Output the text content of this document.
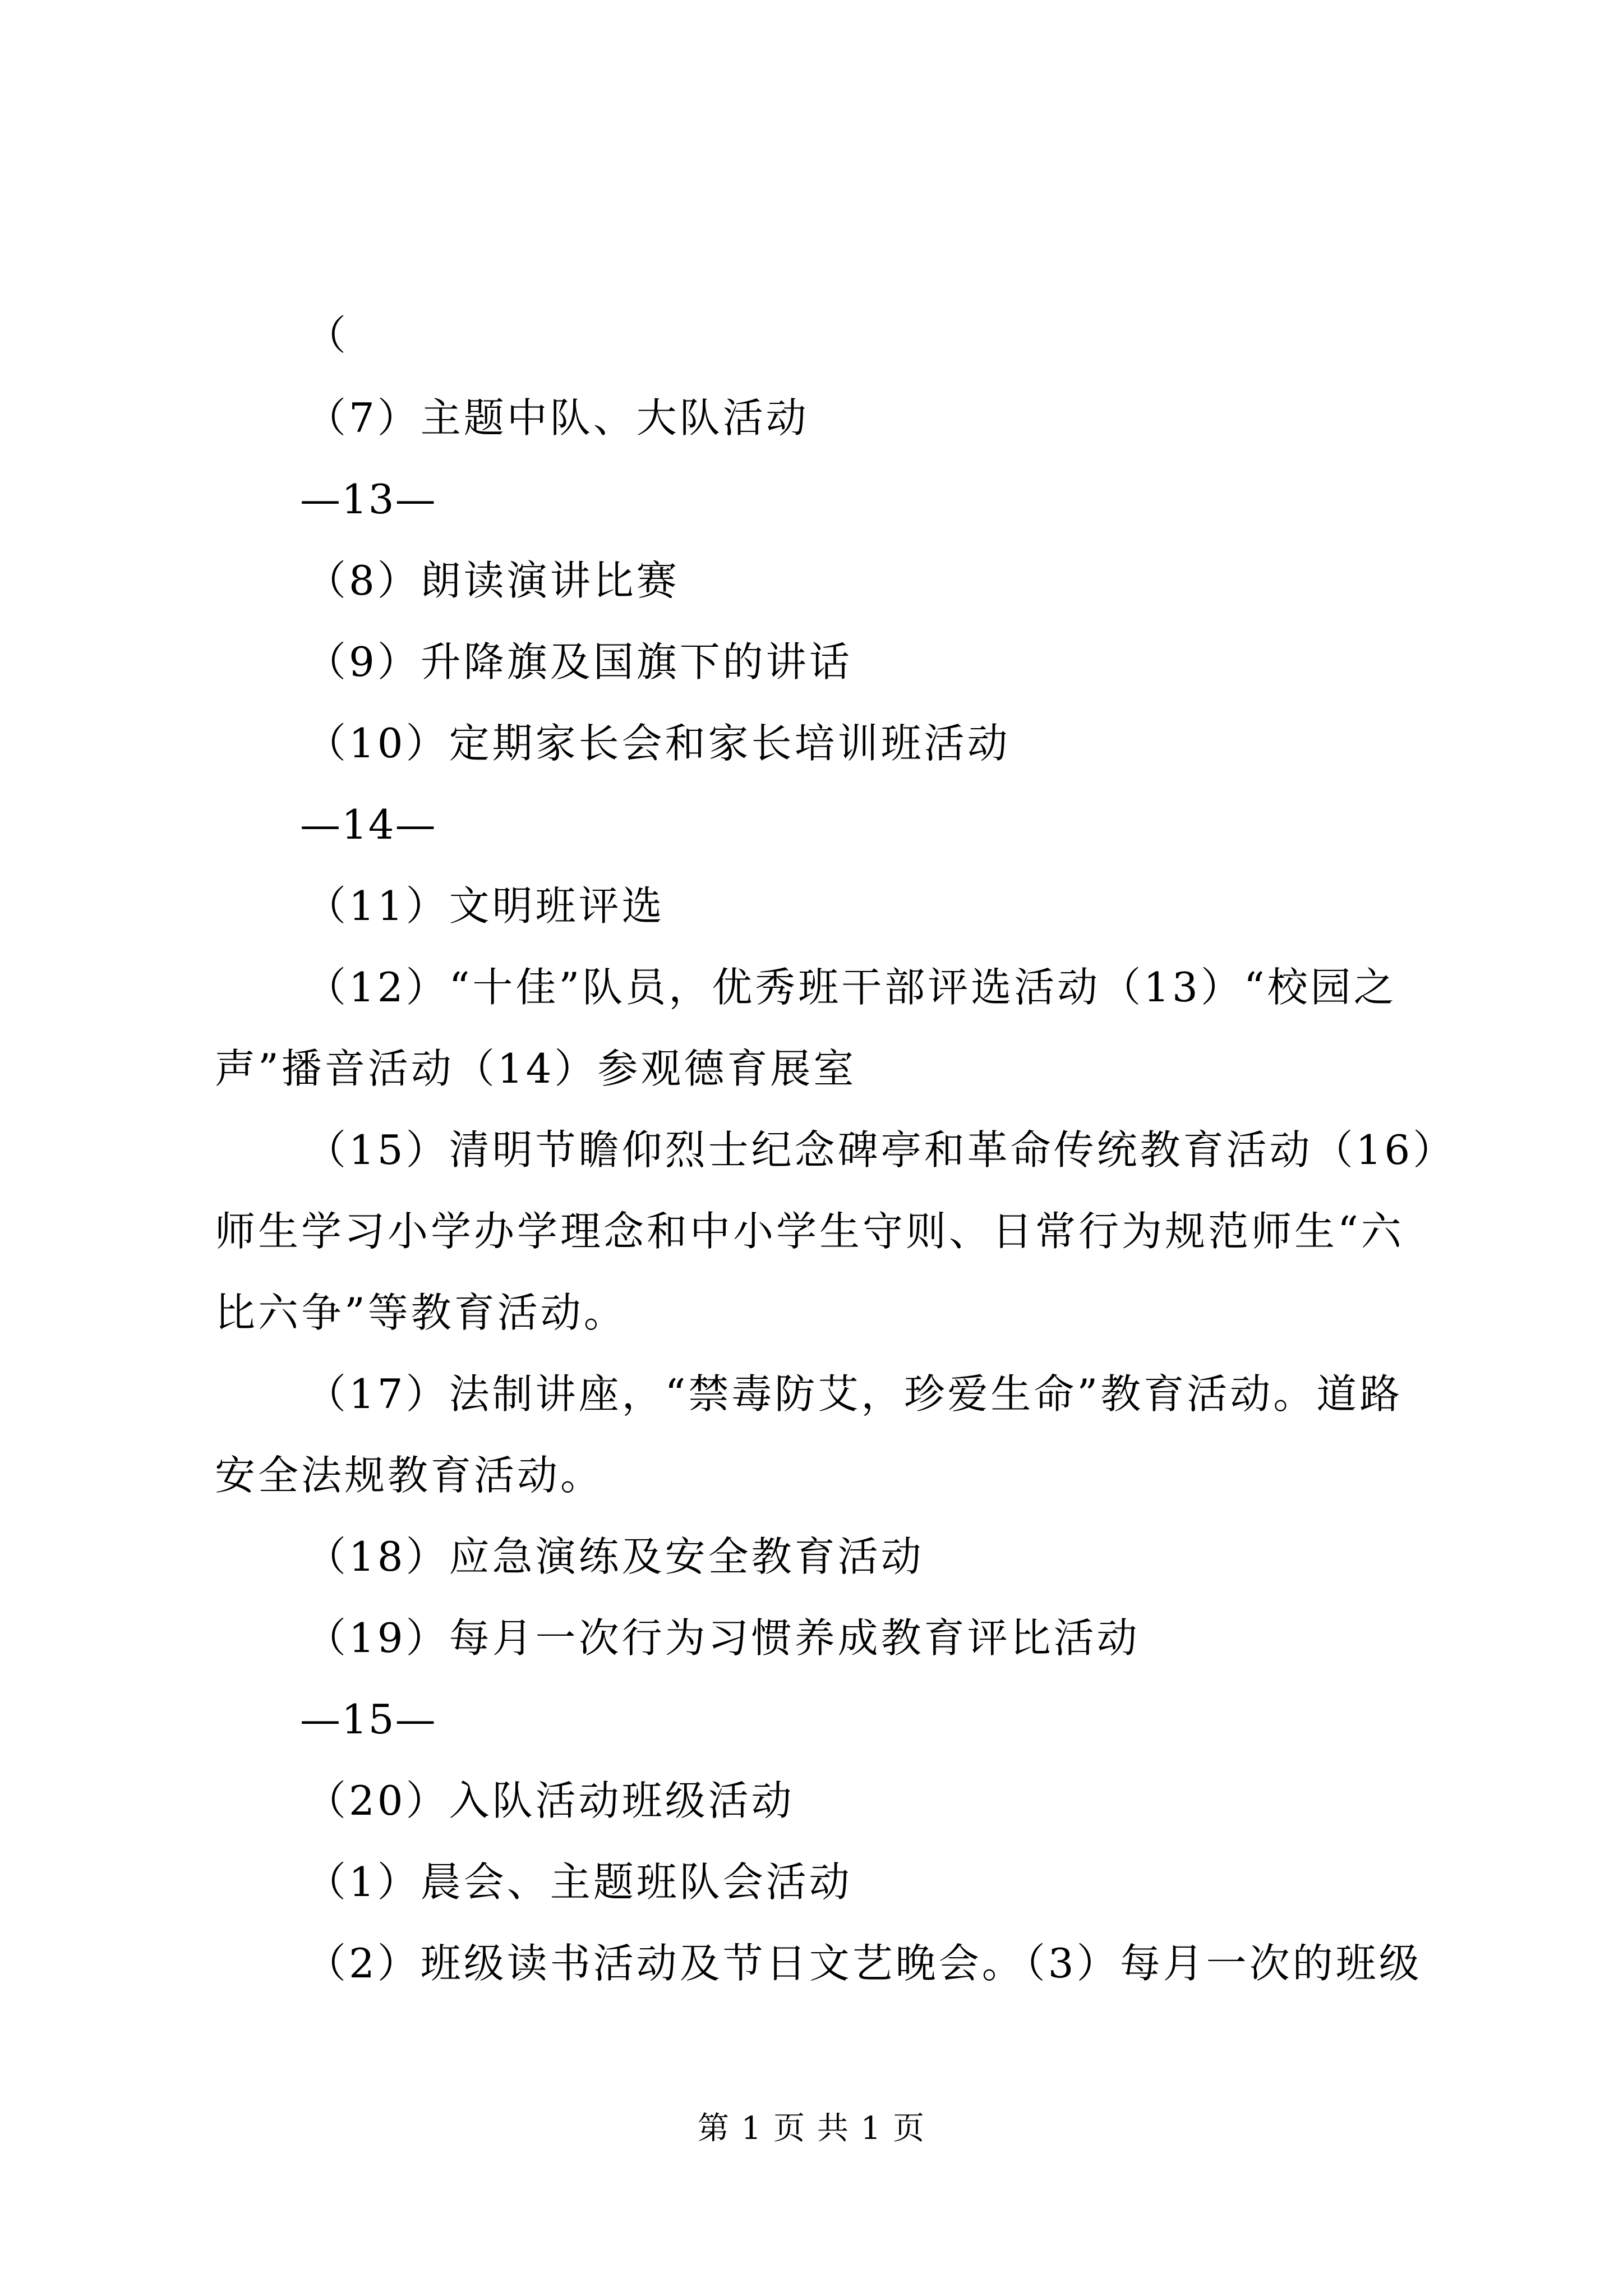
（

（7）主题中队、大队活动

—13—

（8）朗读演讲比赛

（9）升降旗及国旗下的讲话

（10）定期家长会和家长培训班活动

—14—

（11）文明班评选

（12）“十佳”队员，优秀班干部评选活动（13）“校园之

声”播音活动（14）参观德育展室

（15）清明节瞻仰烈士纪念碑亭和革命传统教育活动（16）

师生学习小学办学理念和中小学生守则、日常行为规范师生“六

比六争”等教育活动。

（17）法制讲座，“禁毒防艾，珍爱生命”教育活动。道路

安全法规教育活动。

（18）应急演练及安全教育活动

（19）每月一次行为习惯养成教育评比活动

—15—

（20）入队活动班级活动

（1）晨会、主题班队会活动

（2）班级读书活动及节日文艺晚会。（3）每月一次的班级

第 1 页 共 1 页
